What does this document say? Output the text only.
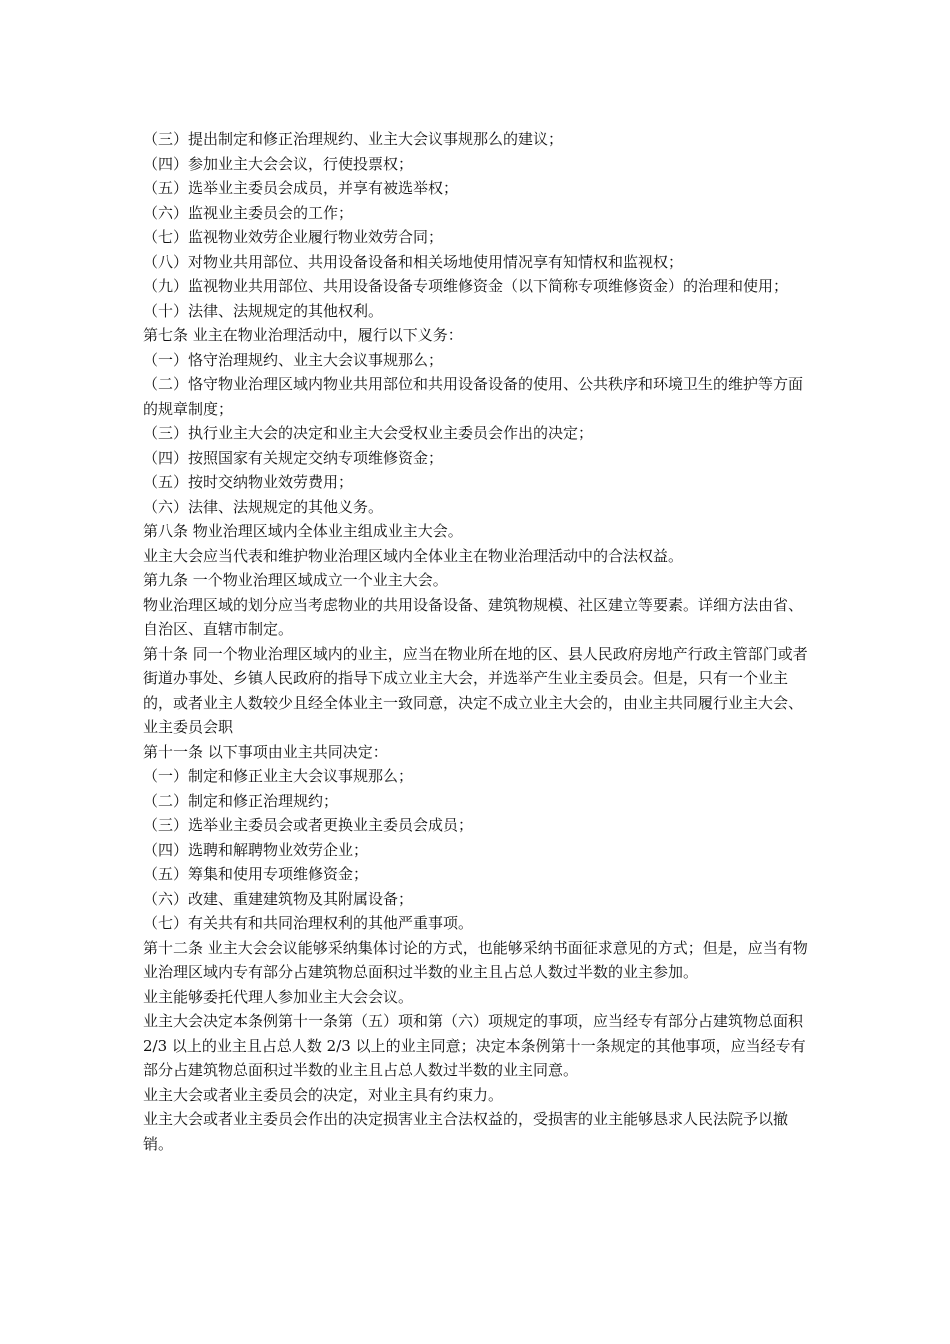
（三）提出制定和修正治理规约、业主大会议事规那么的建议；

（四）参加业主大会会议，行使投票权；

（五）选举业主委员会成员，并享有被选举权；

（六）监视业主委员会的工作；

（七）监视物业效劳企业履行物业效劳合同；

（八）对物业共用部位、共用设备设备和相关场地使用情况享有知情权和监视权；

（九）监视物业共用部位、共用设备设备专项维修资金（以下简称专项维修资金）的治理和使用；

（十）法律、法规规定的其他权利。

第七条 业主在物业治理活动中，履行以下义务：

（一）恪守治理规约、业主大会议事规那么；

（二）恪守物业治理区域内物业共用部位和共用设备设备的使用、公共秩序和环境卫生的维护等方面的规章制度；

（三）执行业主大会的决定和业主大会受权业主委员会作出的决定；

（四）按照国家有关规定交纳专项维修资金；

（五）按时交纳物业效劳费用；

（六）法律、法规规定的其他义务。

第八条 物业治理区域内全体业主组成业主大会。

业主大会应当代表和维护物业治理区域内全体业主在物业治理活动中的合法权益。

第九条 一个物业治理区域成立一个业主大会。

物业治理区域的划分应当考虑物业的共用设备设备、建筑物规模、社区建立等要素。详细方法由省、自治区、直辖市制定。

第十条 同一个物业治理区域内的业主，应当在物业所在地的区、县人民政府房地产行政主管部门或者街道办事处、乡镇人民政府的指导下成立业主大会，并选举产生业主委员会。但是，只有一个业主的，或者业主人数较少且经全体业主一致同意，决定不成立业主大会的，由业主共同履行业主大会、业主委员会职

第十一条 以下事项由业主共同决定：

（一）制定和修正业主大会议事规那么；

（二）制定和修正治理规约；

（三）选举业主委员会或者更换业主委员会成员；

（四）选聘和解聘物业效劳企业；

（五）筹集和使用专项维修资金；

（六）改建、重建建筑物及其附属设备；

（七）有关共有和共同治理权利的其他严重事项。

第十二条 业主大会会议能够采纳集体讨论的方式，也能够采纳书面征求意见的方式；但是，应当有物业治理区域内专有部分占建筑物总面积过半数的业主且占总人数过半数的业主参加。

业主能够委托代理人参加业主大会会议。

业主大会决定本条例第十一条第（五）项和第（六）项规定的事项，应当经专有部分占建筑物总面积 2/3 以上的业主且占总人数 2/3 以上的业主同意；决定本条例第十一条规定的其他事项，应当经专有部分占建筑物总面积过半数的业主且占总人数过半数的业主同意。

业主大会或者业主委员会的决定，对业主具有约束力。

业主大会或者业主委员会作出的决定损害业主合法权益的，受损害的业主能够恳求人民法院予以撤销。
